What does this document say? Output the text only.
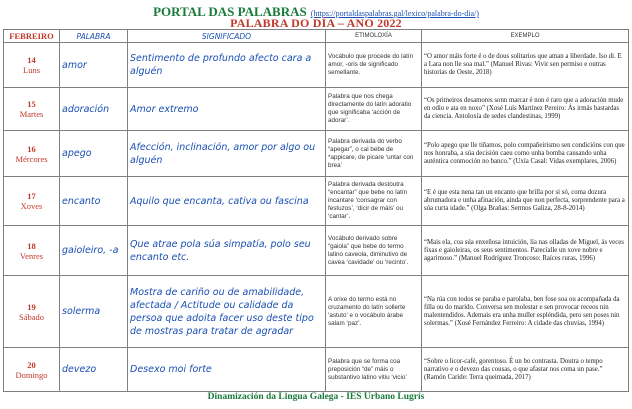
PORTAL DAS PALABRAS (https://portaldaspalabras.gal/lexico/palabra-do-dia/)
PALABRA DO DÍA – ANO 2022
FEBREIRO	PALABRA	SIGNIFICADO	ETIMOLOXÍA	EXEMPLO

14
Luns	amor	Sentimento de profundo afecto cara a alguén	Vocábulo que procede do latín amor, -oris de significado semellante.	“O amor máis forte é o de dous solitarios que aman a liberdade. Iso di. E a Lara non lle soa mal.” (Manuel Rivas: Vivir sen permiso e outras historias de Oeste, 2018)

15
Martes	adoración	Amor extremo	Palabra que nos chega directamente do latín adoratio que significaba ‘acción de adorar’.	“Os primeiros desamores sonn marcar é non é raro que a adoración mude en odio e ata en noxo” (Xosé Luís Martínez Pereiro: Ás irmás bastardas da ciencia. Antoloxía de sedes clandestinas, 1999)

16
Mércores	apego	Afección, inclinación, amor por algo ou alguén	Palabra derivada do verbo “apegar”, o cal bebe de *appicare, de picare ‘untar con brea’	“Polo apego que lle tiñamos, polo compañeirismo sen condicións con que nos honraba, a súa decisión caeu como unha bomba causando unha auténtica conmoción no banco.” (Uxía Casal: Vidas exemplares, 2006)

17
Xoves	encanto	Aquilo que encanta, cativa ou fascina	Palabra derivada destoutra “encantar” que bebe no latín incantare ‘consagrar con festuzos’, ‘dicir de máis’ ou ‘cantar’.	“E é que esta nena tan un encanto que brilla por si só, coma dozura abrumadora e unha afinación, ainda que non perfecta, sorprendente para a súa curta idade.” (Olga Brañas: Sermos Galiza, 28-8-2014)

18
Venres	gaioleiro, -a	Que atrae pola súa simpatía, polo seu encanto etc.	Vocábulo derivado sobre “gaiola” que bebe do termo latino caveola, diminutivo de cavea ‘cavidade’ ou ‘recinto’.	“Mais ela, coa súa enxeñosa intuición, lía nas olladas de Miguel, ás veces fixas e gaioleiras, os seus sentimentos. Parecíalle un xove nobre e agarimoso.” (Manuel Rodríguez Troncoso: Raíces ruras, 1996)

19
Sábado	solerma	Mostra de cariño ou de amabilidade, afectada / Actitude ou calidade da persoa que adoita facer uso deste tipo de mostras para tratar de agradar	A orixe do termo está no cruzamento do latín sollerte ‘astuto’ e o vocábulo árabe salam ‘paz’.	“Na rúa con todos se paraba e parolaba, ben fose soa ou acompañada da filla ou do marido. Conversa sen molestar e sen provocar receos nin malentendidos. Ademais era unha muller espléndida, pero sen poses nin solermas.” (Xosé Fernández Ferreiro: A cidade das chuvias, 1994)

20
Domingo	devezo	Desexo moi forte	Palabra que se forma coa preposición “de” máis o substantivo latino vitiu ‘vicio’	“Sobre o licor-café, gorentoso. É un bo contrasta. Doutra o tempo narrativo e o devezo das cousas, o que afastar nos coma un pase.” (Ramón Caride: Terra queimada, 2017)
Dinamización da Lingua Galega - IES Urbano Lugrís
